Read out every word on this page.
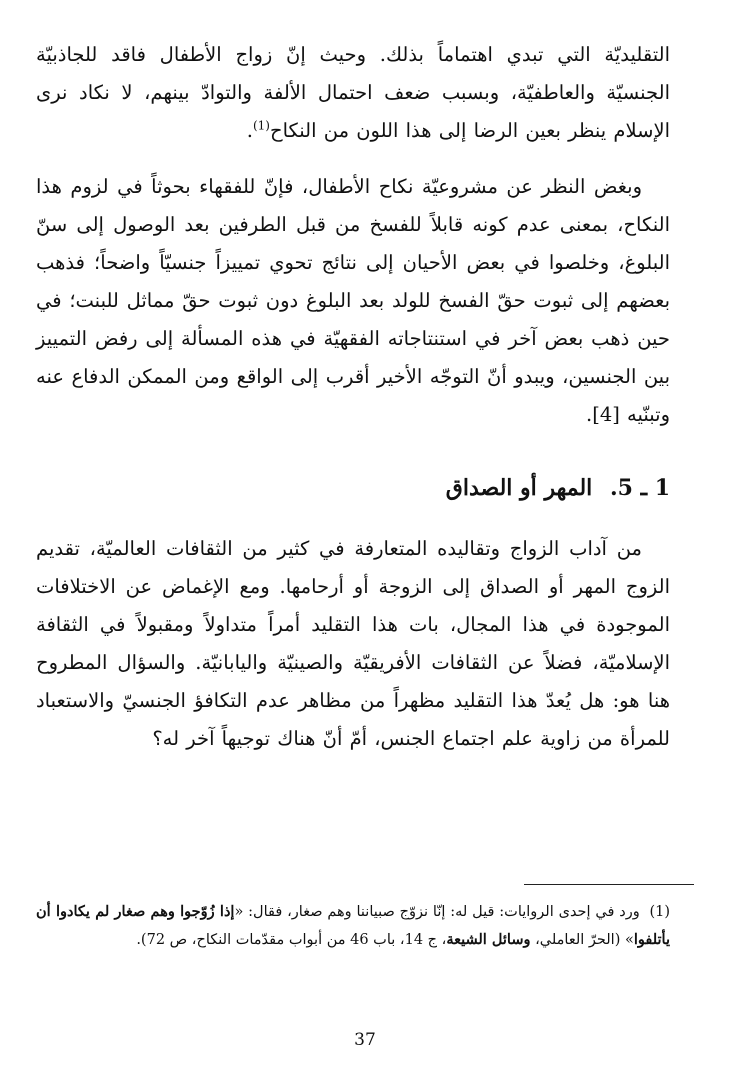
التقليديّة التي تبدي اهتماماً بذلك. وحيث إنّ زواج الأطفال فاقد للجاذبيّة الجنسيّة والعاطفيّة، وبسبب ضعف احتمال الألفة والتوادّ بينهم، لا نكاد نرى الإسلام ينظر بعين الرضا إلى هذا اللون من النكاح$^{(1)}$.

وبغض النظر عن مشروعيّة نكاح الأطفال، فإنّ للفقهاء بحوثاً في لزوم هذا النكاح، بمعنى عدم كونه قابلاً للفسخ من قبل الطرفين بعد الوصول إلى سنّ البلوغ، وخلصوا في بعض الأحيان إلى نتائج تحوي تمييزاً جنسيّاً واضحاً؛ فذهب بعضهم إلى ثبوت حقّ الفسخ للولد بعد البلوغ دون ثبوت حقّ مماثل للبنت؛ في حين ذهب بعض آخر في استنتاجاته الفقهيّة في هذه المسألة إلى رفض التمييز بين الجنسين، ويبدو أنّ التوجّه الأخير أقرب إلى الواقع ومن الممكن الدفاع عنه وتبنّيه [4].

1 ـ 5. المهر أو الصداق

من آداب الزواج وتقاليده المتعارفة في كثير من الثقافات العالميّة، تقديم الزوج المهر أو الصداق إلى الزوجة أو أرحامها. ومع الإغماض عن الاختلافات الموجودة في هذا المجال، بات هذا التقليد أمراً متداولاً ومقبولاً في الثقافة الإسلاميّة، فضلاً عن الثقافات الأفريقيّة والصينيّة واليابانيّة. والسؤال المطروح هنا هو: هل يُعدّ هذا التقليد مظهراً من مظاهر عدم التكافؤ الجنسيّ والاستعباد للمرأة من زاوية علم اجتماع الجنس، أمّ أنّ هناك توجيهاً آخر له؟

(1)  ورد في إحدى الروايات: قيل له: إنّا نزوّج صبياننا وهم صغار، فقال: «إذا زُوّجوا وهم صغار لم يكادوا أن يأتلفوا» (الحرّ العاملي، وسائل الشيعة، ج 14، باب 46 من أبواب مقدّمات النكاح، ص 72).
37
